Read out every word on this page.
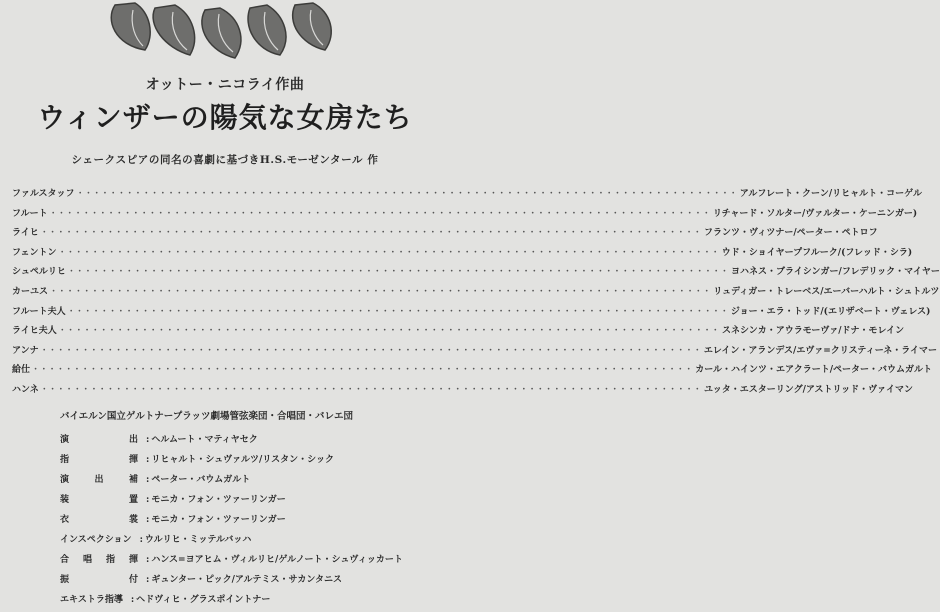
オットー・ニコライ作曲
ウィンザーの陽気な女房たち
シェークスピアの同名の喜劇に基づきH.S.モーゼンタール 作
ファルスタッフ · · · · · · · · · · · · · · · · · · · · · · · · · · · · · · · · · · · · · · · · · · · · · · · · · · · · · · · · · · · · · · · · · · · · · · · · · · · · · · · · アルフレート・クーン/リヒャルト・コーゲル
フルート · · · · · · · · · · · · · · · · · · · · · · · · · · · · · · · · · · · · · · · · · · · · · · · · · · · · · · · · · · · · · · · · · · · · · · · · · · · · · · · · リチャード・ソルター/ヴァルター・ケーニンガー)
ライヒ · · · · · · · · · · · · · · · · · · · · · · · · · · · · · · · · · · · · · · · · · · · · · · · · · · · · · · · · · · · · · · · · · · · · · · · · · · · · · · · · フランツ・ヴィツナー/ペーター・ペトロフ
フェントン · · · · · · · · · · · · · · · · · · · · · · · · · · · · · · · · · · · · · · · · · · · · · · · · · · · · · · · · · · · · · · · · · · · · · · · · · · · · · · · · ウド・ショイヤープフルーク/(フレッド・シラ)
シュペルリヒ · · · · · · · · · · · · · · · · · · · · · · · · · · · · · · · · · · · · · · · · · · · · · · · · · · · · · · · · · · · · · · · · · · · · · · · · · · · · · · · · ヨハネス・ブライシンガー/フレデリック・マイヤー
カーユス · · · · · · · · · · · · · · · · · · · · · · · · · · · · · · · · · · · · · · · · · · · · · · · · · · · · · · · · · · · · · · · · · · · · · · · · · · · · · · · · リュディガー・トレーベス/エーバーハルト・シュトルツ
フルート夫人 · · · · · · · · · · · · · · · · · · · · · · · · · · · · · · · · · · · · · · · · · · · · · · · · · · · · · · · · · · · · · · · · · · · · · · · · · · · · · · · · ジョー・エラ・トッド/(エリザベート・ヴェレス)
ライヒ夫人 · · · · · · · · · · · · · · · · · · · · · · · · · · · · · · · · · · · · · · · · · · · · · · · · · · · · · · · · · · · · · · · · · · · · · · · · · · · · · · · · スネシンカ・アウラモーヴァ/ドナ・モレイン
アンナ · · · · · · · · · · · · · · · · · · · · · · · · · · · · · · · · · · · · · · · · · · · · · · · · · · · · · · · · · · · · · · · · · · · · · · · · · · · · · · · · エレイン・アランデス/エヴァ=クリスティーネ・ライマー
給仕 · · · · · · · · · · · · · · · · · · · · · · · · · · · · · · · · · · · · · · · · · · · · · · · · · · · · · · · · · · · · · · · · · · · · · · · · · · · · · · · · カール・ハインツ・エアクラート/ペーター・バウムガルト
ハンネ · · · · · · · · · · · · · · · · · · · · · · · · · · · · · · · · · · · · · · · · · · · · · · · · · · · · · · · · · · · · · · · · · · · · · · · · · · · · · · · · ユッタ・エスターリング/アストリッド・ヴァイマン
バイエルン国立ゲルトナープラッツ劇場管弦楽団・合唱団・バレエ団
演	出 : ヘルムート・マティヤセク
指	揮 : リヒャルト・シュヴァルツ/リスタン・シック
演	出	補 : ペーター・バウムガルト
装	置 : モニカ・フォン・ツァーリンガー
衣	裳 : モニカ・フォン・ツァーリンガー
インスペクション : ウルリヒ・ミッテルバッハ
合 唱 指 揮 : ハンス=ヨアヒム・ヴィルリヒ/ゲルノート・シュヴィッカート
振	付 : ギュンター・ピック/アルテミス・サカンタニス
エキストラ指導 : ヘドヴィヒ・グラスポイントナー
